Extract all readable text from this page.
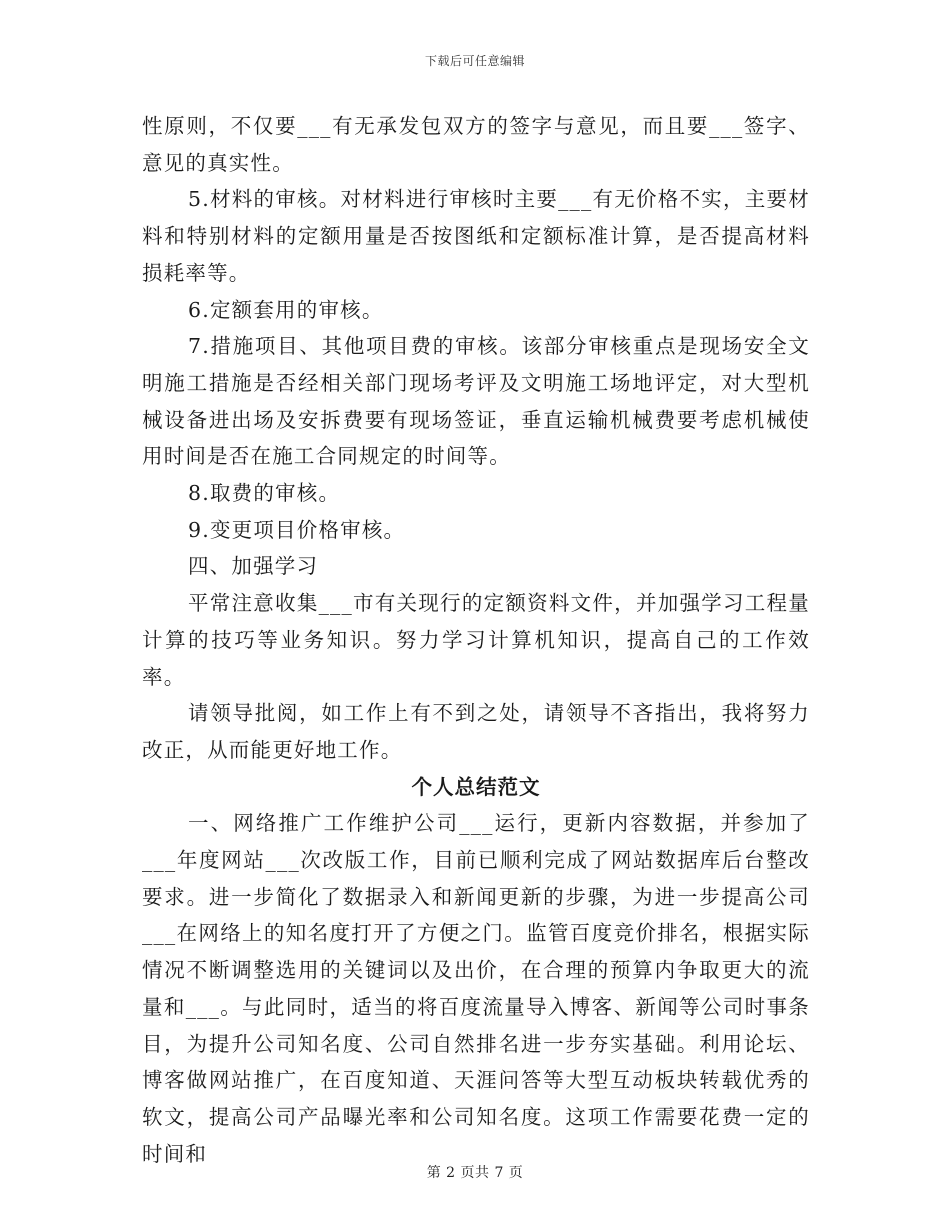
下载后可任意编辑

性原则，不仅要___有无承发包双方的签字与意见，而且要___签字、意见的真实性。

5.材料的审核。对材料进行审核时主要___有无价格不实，主要材料和特别材料的定额用量是否按图纸和定额标准计算，是否提高材料损耗率等。

6.定额套用的审核。

7.措施项目、其他项目费的审核。该部分审核重点是现场安全文明施工措施是否经相关部门现场考评及文明施工场地评定，对大型机械设备进出场及安拆费要有现场签证，垂直运输机械费要考虑机械使用时间是否在施工合同规定的时间等。

8.取费的审核。

9.变更项目价格审核。

四、加强学习

平常注意收集___市有关现行的定额资料文件，并加强学习工程量计算的技巧等业务知识。努力学习计算机知识，提高自己的工作效率。

请领导批阅，如工作上有不到之处，请领导不吝指出，我将努力改正，从而能更好地工作。

个人总结范文

一、网络推广工作维护公司___运行，更新内容数据，并参加了___年度网站___次改版工作，目前已顺利完成了网站数据库后台整改要求。进一步简化了数据录入和新闻更新的步骤，为进一步提高公司___在网络上的知名度打开了方便之门。监管百度竞价排名，根据实际情况不断调整选用的关键词以及出价，在合理的预算内争取更大的流量和___。与此同时，适当的将百度流量导入博客、新闻等公司时事条目，为提升公司知名度、公司自然排名进一步夯实基础。利用论坛、博客做网站推广，在百度知道、天涯问答等大型互动板块转载优秀的软文，提高公司产品曝光率和公司知名度。这项工作需要花费一定的时间和

第 2 页共 7 页
